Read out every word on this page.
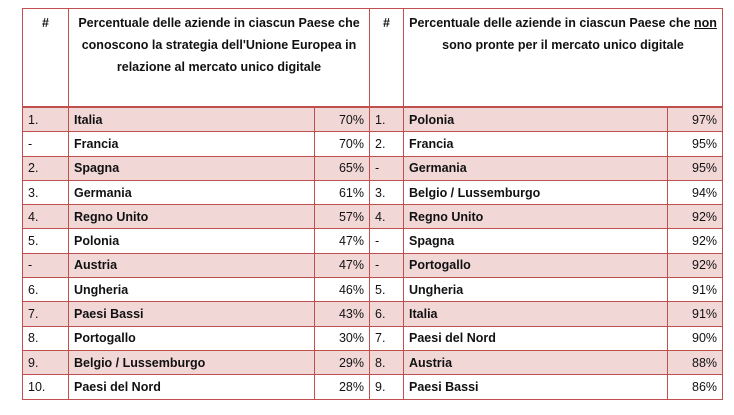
#	Percentuale delle aziende in ciascun Paese che conoscono la strategia dell'Unione Europea in relazione al mercato unico digitale		#	Percentuale delle aziende in ciascun Paese che non sono pronte per il mercato unico digitale	
1.	Italia	70%	1.	Polonia	97%
-	Francia	70%	2.	Francia	95%
2.	Spagna	65%	-	Germania	95%
3.	Germania	61%	3.	Belgio / Lussemburgo	94%
4.	Regno Unito	57%	4.	Regno Unito	92%
5.	Polonia	47%	-	Spagna	92%
-	Austria	47%	-	Portogallo	92%
6.	Ungheria	46%	5.	Ungheria	91%
7.	Paesi Bassi	43%	6.	Italia	91%
8.	Portogallo	30%	7.	Paesi del Nord	90%
9.	Belgio / Lussemburgo	29%	8.	Austria	88%
10.	Paesi del Nord	28%	9.	Paesi Bassi	86%
